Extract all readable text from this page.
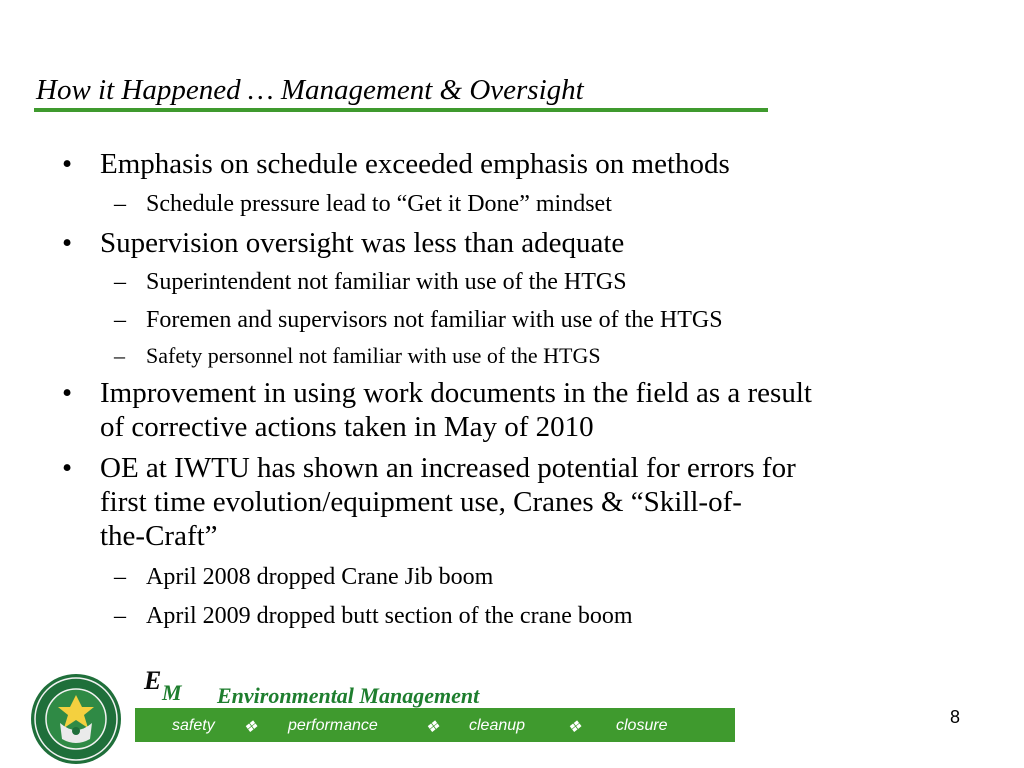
How it Happened … Management & Oversight
• Emphasis on schedule exceeded emphasis on methods
– Schedule pressure lead to “Get it Done” mindset
• Supervision oversight was less than adequate
– Superintendent not familiar with use of the HTGS
– Foremen and supervisors not familiar with use of the HTGS
– Safety personnel not familiar with use of the HTGS
• Improvement in using work documents in the field as a result
of corrective actions taken in May of 2010
• OE at IWTU has shown an increased potential for errors for
first time evolution/equipment use, Cranes & “Skill-of-
the-Craft”
– April 2008 dropped Crane Jib boom
– April 2009 dropped butt section of the crane boom
E M Environmental Management

safety ❖ performance	❖ cleanup	❖ closure	8
